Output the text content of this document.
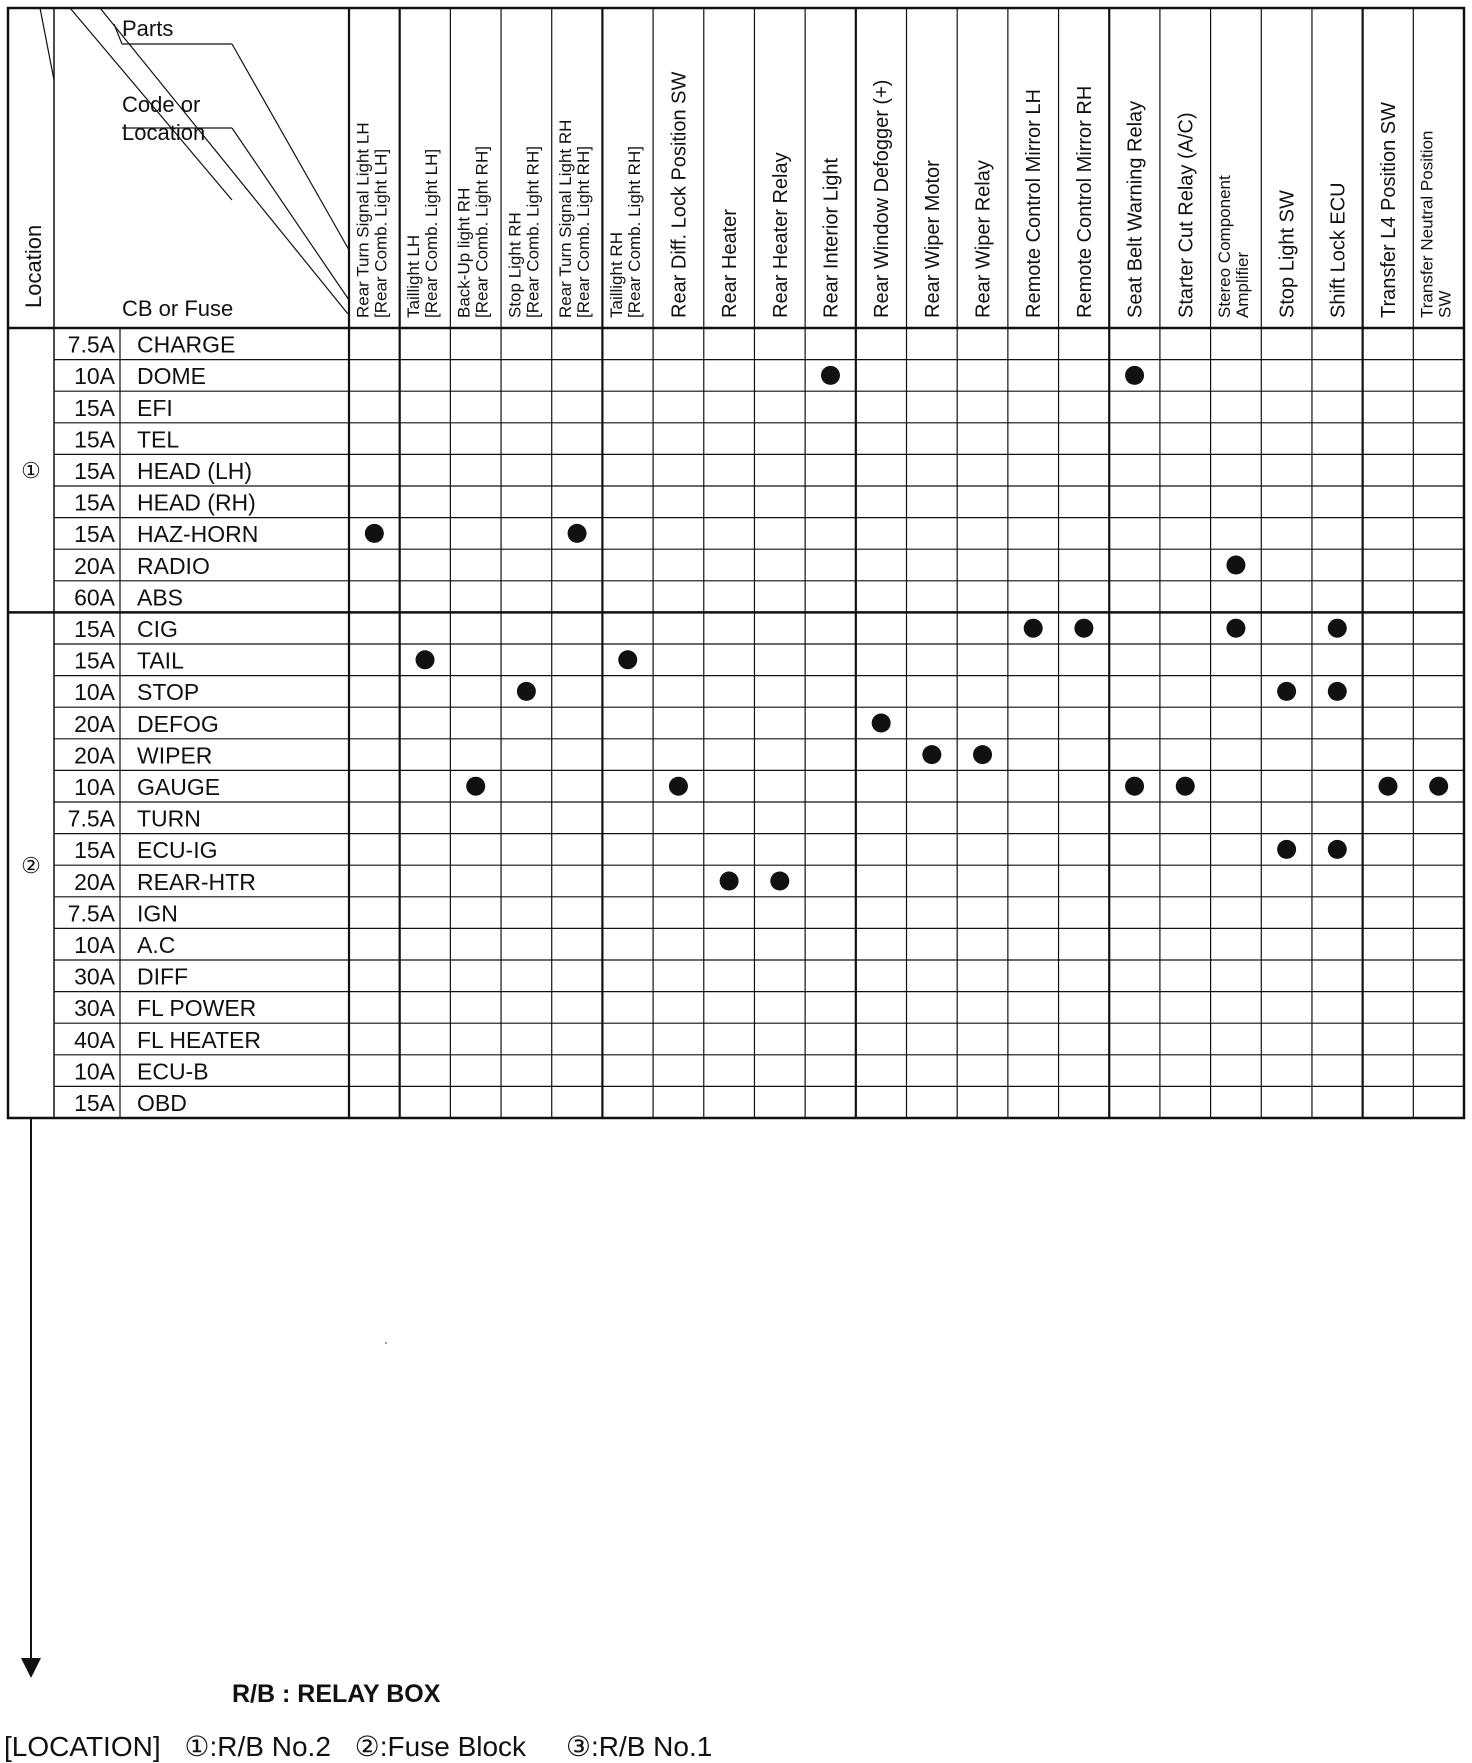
Parts
Code or
Location
CB or Fuse
Location	Rear Turn Signal Light LH [Rear Comb. Light LH] Taillight LH [Rear Comb. Light LH] Back-Up light RH [Rear Comb. Light RH] Stop Light RH [Rear Comb. Light RH] Rear Turn Signal Light RH [Rear Comb. Light RH] Taillight RH [Rear Comb. Light RH] Rear Diff. Lock Position SW Rear Heater Rear Heater Relay Rear Interior Light Rear Window Defogger (+) Rear Wiper Motor Rear Wiper Relay Remote Control Mirror LH Remote Control Mirror RH Seat Belt Warning Relay Starter Cut Relay (A/C) Stereo Component Amplifier Stop Light SW Shift Lock ECU Transfer L4 Position SW Transfer Neutral Position SW
①
②
7.5A CHARGE
10A DOME
15A EFI
15A TEL
15A HEAD (LH)
15A HEAD (RH)
15A HAZ-HORN
20A RADIO
60A ABS
15A CIG
15A TAIL
10A STOP
20A DEFOG
20A WIPER
10A GAUGE
7.5A TURN
15A ECU-IG
20A REAR-HTR
7.5A IGN
10A A.C
30A DIFF
30A FL POWER
40A FL HEATER
10A ECU-B
15A OBD
R/B : RELAY BOX
[LOCATION] ①:R/B No.2 ②:Fuse Block ③:R/B No.1
